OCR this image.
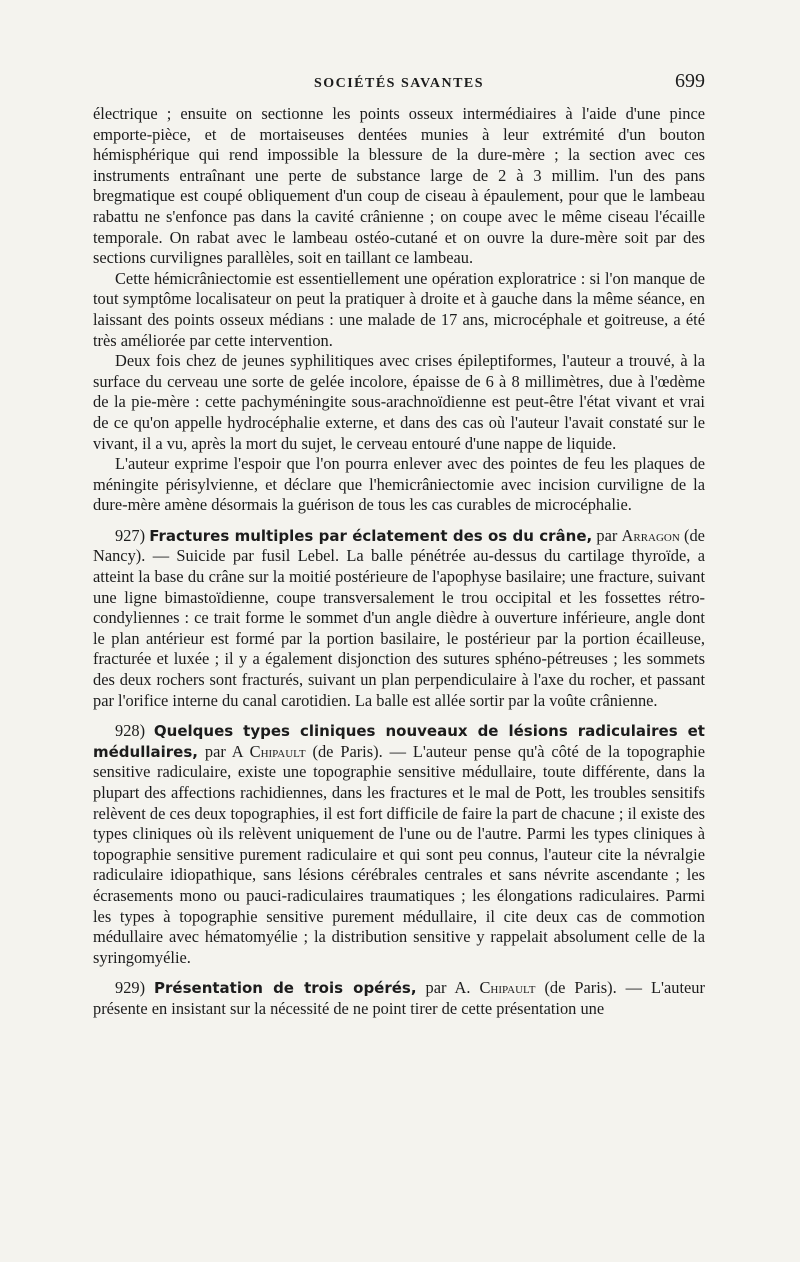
SOCIÉTÉS SAVANTES	699

électrique ; ensuite on sectionne les points osseux intermédiaires à l'aide d'une pince emporte-pièce, et de mortaiseuses dentées munies à leur extrémité d'un bouton hémisphérique qui rend impossible la blessure de la dure-mère ; la section avec ces instruments entraînant une perte de substance large de 2 à 3 millim. l'un des pans bregmatique est coupé obliquement d'un coup de ciseau à épaulement, pour que le lambeau rabattu ne s'enfonce pas dans la cavité crânienne ; on coupe avec le même ciseau l'écaille temporale. On rabat avec le lambeau ostéo-cutané et on ouvre la dure-mère soit par des sections curvilignes parallèles, soit en taillant ce lambeau.

Cette hémicrâniectomie est essentiellement une opération exploratrice : si l'on manque de tout symptôme localisateur on peut la pratiquer à droite et à gauche dans la même séance, en laissant des points osseux médians : une malade de 17 ans, microcéphale et goitreuse, a été très améliorée par cette intervention.

Deux fois chez de jeunes syphilitiques avec crises épileptiformes, l'auteur a trouvé, à la surface du cerveau une sorte de gelée incolore, épaisse de 6 à 8 millimètres, due à l'œdème de la pie-mère : cette pachyméningite sous-arachnoïdienne est peut-être l'état vivant et vrai de ce qu'on appelle hydrocéphalie externe, et dans des cas où l'auteur l'avait constaté sur le vivant, il a vu, après la mort du sujet, le cerveau entouré d'une nappe de liquide.

L'auteur exprime l'espoir que l'on pourra enlever avec des pointes de feu les plaques de méningite périsylvienne, et déclare que l'hemicrâniectomie avec incision curviligne de la dure-mère amène désormais la guérison de tous les cas curables de microcéphalie.

927) Fractures multiples par éclatement des os du crâne, par Arragon (de Nancy). — Suicide par fusil Lebel. La balle pénétrée au-dessus du cartilage thyroïde, a atteint la base du crâne sur la moitié postérieure de l'apophyse basilaire; une fracture, suivant une ligne bimastoïdienne, coupe transversalement le trou occipital et les fossettes rétro-condyliennes : ce trait forme le sommet d'un angle dièdre à ouverture inférieure, angle dont le plan antérieur est formé par la portion basilaire, le postérieur par la portion écailleuse, fracturée et luxée ; il y a également disjonction des sutures sphéno-pétreuses ; les sommets des deux rochers sont fracturés, suivant un plan perpendiculaire à l'axe du rocher, et passant par l'orifice interne du canal carotidien. La balle est allée sortir par la voûte crânienne.

928) Quelques types cliniques nouveaux de lésions radiculaires et médullaires, par A Chipault (de Paris). — L'auteur pense qu'à côté de la topographie sensitive radiculaire, existe une topographie sensitive médullaire, toute différente, dans la plupart des affections rachidiennes, dans les fractures et le mal de Pott, les troubles sensitifs relèvent de ces deux topographies, il est fort difficile de faire la part de chacune ; il existe des types cliniques où ils relèvent uniquement de l'une ou de l'autre. Parmi les types cliniques à topographie sensitive purement radiculaire et qui sont peu connus, l'auteur cite la névralgie radiculaire idiopathique, sans lésions cérébrales centrales et sans névrite ascendante ; les écrasements mono ou pauci-radiculaires traumatiques ; les élongations radiculaires. Parmi les types à topographie sensitive purement médullaire, il cite deux cas de commotion médullaire avec hématomyélie ; la distribution sensitive y rappelait absolument celle de la syringomyélie.

929) Présentation de trois opérés, par A. Chipault (de Paris). — L'auteur présente en insistant sur la nécessité de ne point tirer de cette présentation une
